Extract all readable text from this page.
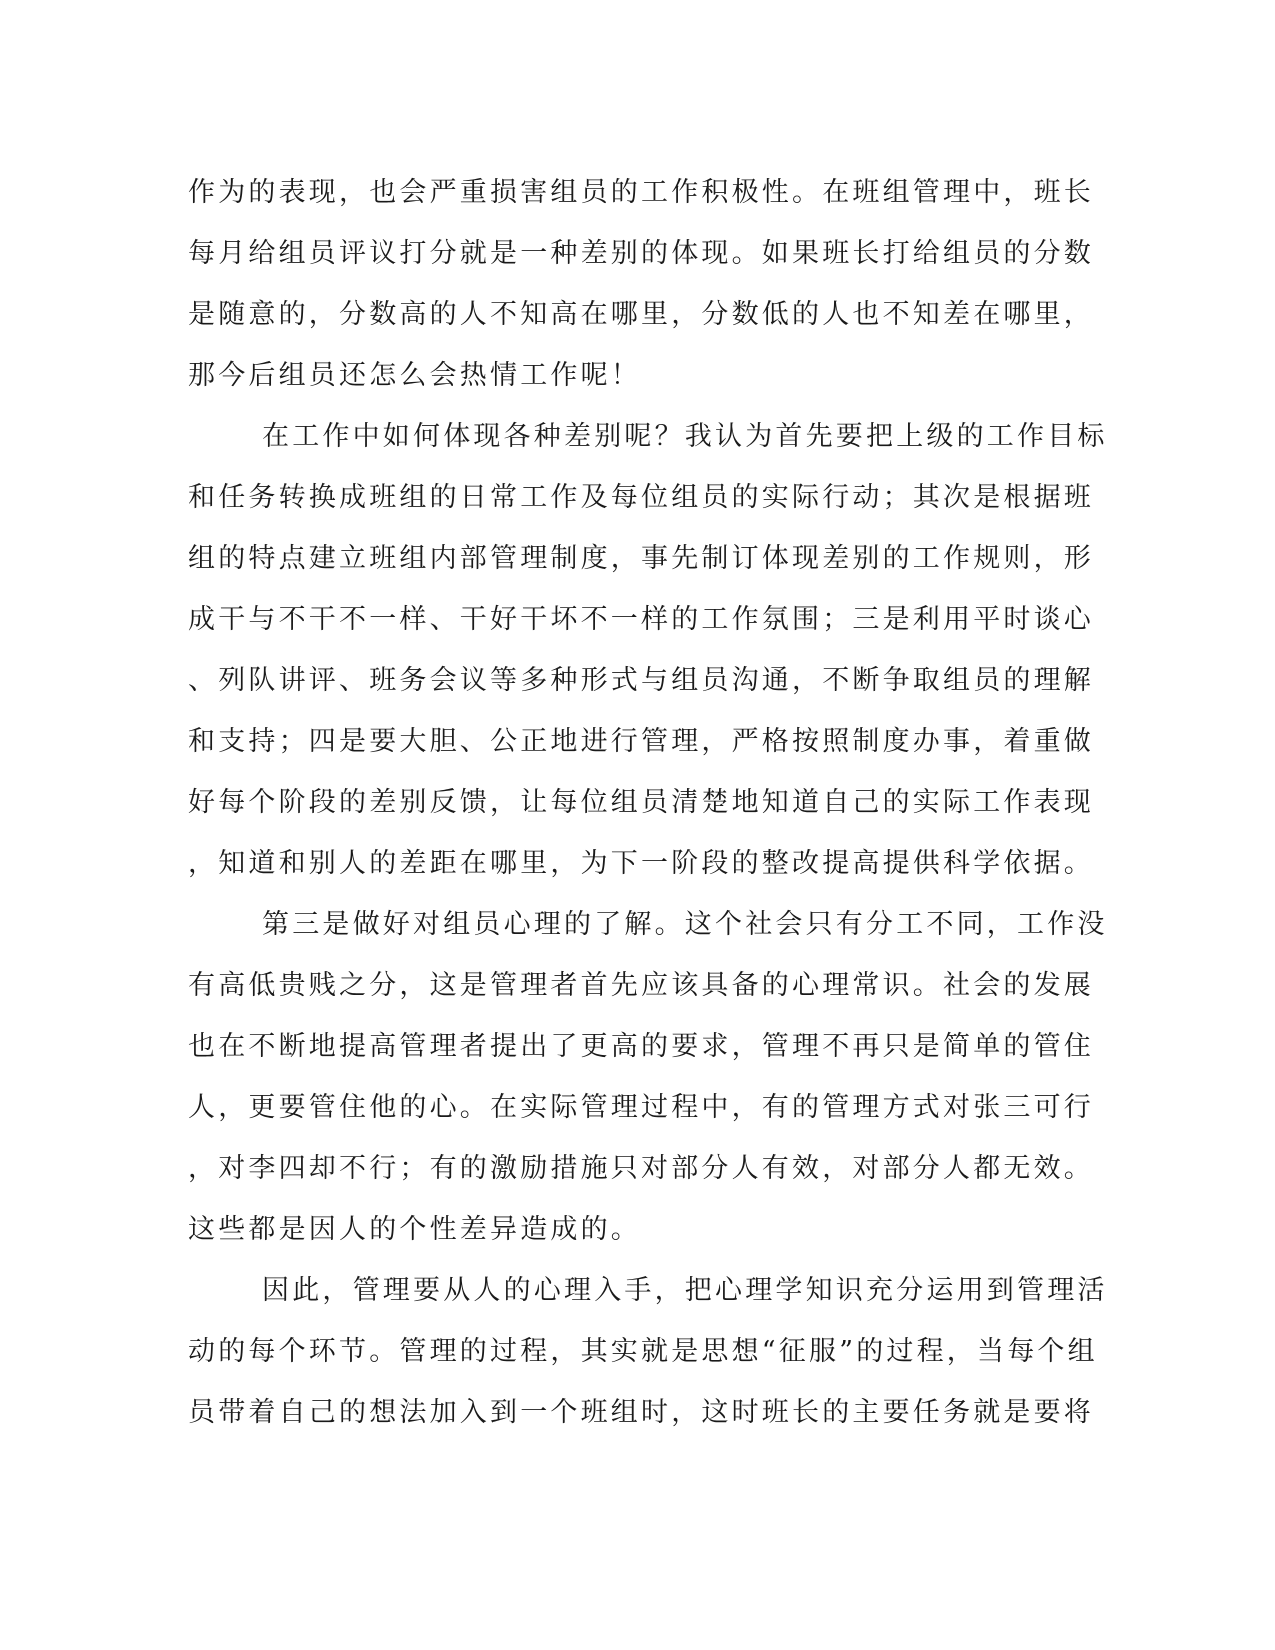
作为的表现，也会严重损害组员的工作积极性。在班组管理中，班长
每月给组员评议打分就是一种差别的体现。如果班长打给组员的分数
是随意的，分数高的人不知高在哪里，分数低的人也不知差在哪里，
那今后组员还怎么会热情工作呢！
在工作中如何体现各种差别呢？我认为首先要把上级的工作目标
和任务转换成班组的日常工作及每位组员的实际行动；其次是根据班
组的特点建立班组内部管理制度，事先制订体现差别的工作规则，形
成干与不干不一样、干好干坏不一样的工作氛围；三是利用平时谈心
、列队讲评、班务会议等多种形式与组员沟通，不断争取组员的理解
和支持；四是要大胆、公正地进行管理，严格按照制度办事，着重做
好每个阶段的差别反馈，让每位组员清楚地知道自己的实际工作表现
，知道和别人的差距在哪里，为下一阶段的整改提高提供科学依据。
第三是做好对组员心理的了解。这个社会只有分工不同，工作没
有高低贵贱之分，这是管理者首先应该具备的心理常识。社会的发展
也在不断地提高管理者提出了更高的要求，管理不再只是简单的管住
人，更要管住他的心。在实际管理过程中，有的管理方式对张三可行
，对李四却不行；有的激励措施只对部分人有效，对部分人都无效。
这些都是因人的个性差异造成的。
因此，管理要从人的心理入手，把心理学知识充分运用到管理活
动的每个环节。管理的过程，其实就是思想“征服”的过程，当每个组
员带着自己的想法加入到一个班组时，这时班长的主要任务就是要将
